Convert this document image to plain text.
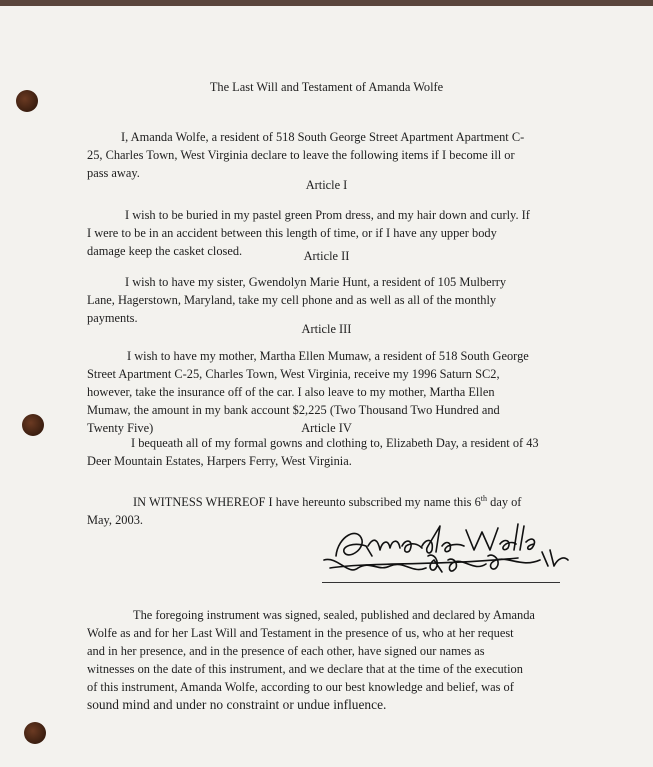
The Last Will and Testament of Amanda Wolfe
I, Amanda Wolfe, a resident of 518 South George Street Apartment Apartment C-
25, Charles Town, West Virginia declare to leave the following items if I become ill or
pass away.
Article I
I wish to be buried in my pastel green Prom dress, and my hair down and curly. If
I were to be in an accident between this length of time, or if I have any upper body
damage keep the casket closed.	Article II
I wish to have my sister, Gwendolyn Marie Hunt, a resident of 105 Mulberry
Lane, Hagerstown, Maryland, take my cell phone and as well as all of the monthly
payments.
Article III
I wish to have my mother, Martha Ellen Mumaw, a resident of 518 South George
Street Apartment C-25, Charles Town, West Virginia, receive my 1996 Saturn SC2,
however, take the insurance off of the car. I also leave to my mother, Martha Ellen
Mumaw, the amount in my bank account $2,225 (Two Thousand Two Hundred and
Twenty Five)	Article IV
I bequeath all of my formal gowns and clothing to, Elizabeth Day, a resident of 43
Deer Mountain Estates, Harpers Ferry, West Virginia.
IN WITNESS WHEREOF I have hereunto subscribed my name this 6th day of
May, 2003.
The foregoing instrument was signed, sealed, published and declared by Amanda
Wolfe as and for her Last Will and Testament in the presence of us, who at her request
and in her presence, and in the presence of each other, have signed our names as
witnesses on the date of this instrument, and we declare that at the time of the execution
of this instrument, Amanda Wolfe, according to our best knowledge and belief, was of
sound mind and under no constraint or undue influence.
